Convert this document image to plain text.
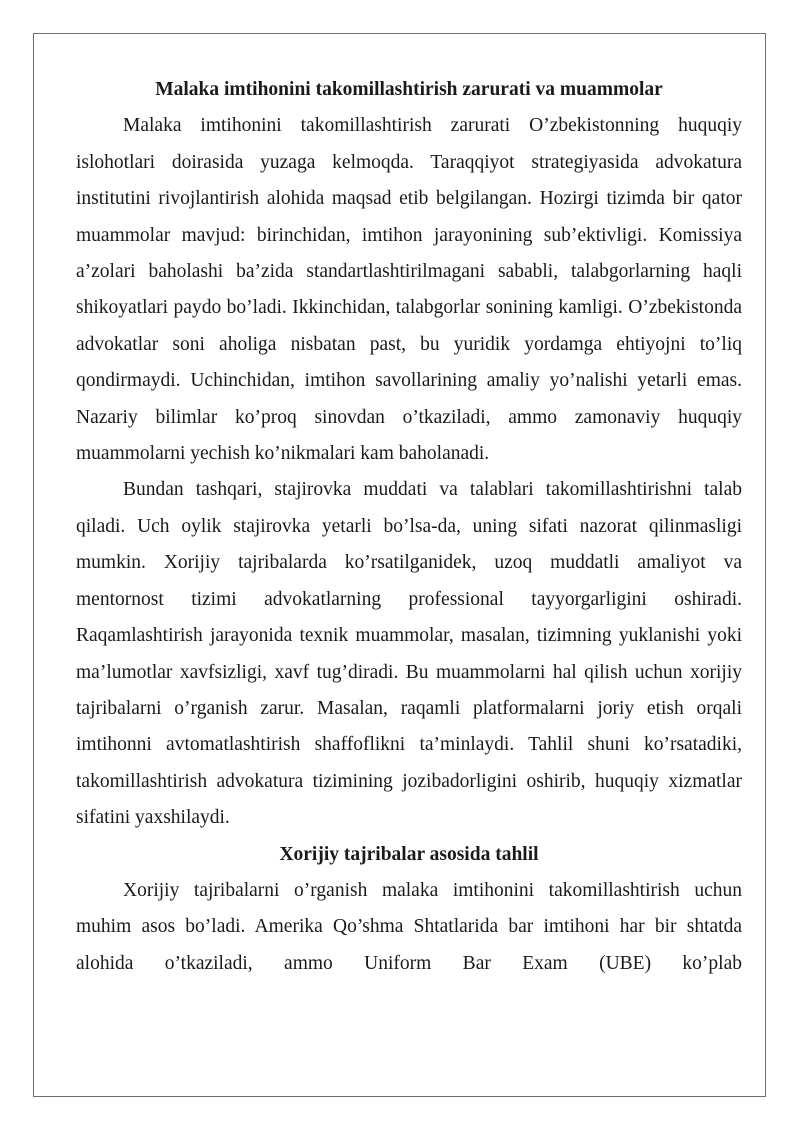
Malaka imtihonini takomillashtirish zarurati va muammolar

Malaka imtihonini takomillashtirish zarurati O’zbekistonning huquqiy islohotlari doirasida yuzaga kelmoqda. Taraqqiyot strategiyasida advokatura institutini rivojlantirish alohida maqsad etib belgilangan. Hozirgi tizimda bir qator muammolar mavjud: birinchidan, imtihon jarayonining sub’ektivligi. Komissiya a’zolari baholashi ba’zida standartlashtirilmagani sababli, talabgorlarning haqli shikoyatlari paydo bo’ladi. Ikkinchidan, talabgorlar sonining kamligi. O’zbekistonda advokatlar soni aholiga nisbatan past, bu yuridik yordamga ehtiyojni to’liq qondirmaydi. Uchinchidan, imtihon savollarining amaliy yo’nalishi yetarli emas. Nazariy bilimlar ko’proq sinovdan o’tkaziladi, ammo zamonaviy huquqiy muammolarni yechish ko’nikmalari kam baholanadi.

Bundan tashqari, stajirovka muddati va talablari takomillashtirishni talab qiladi. Uch oylik stajirovka yetarli bo’lsa-da, uning sifati nazorat qilinmasligi mumkin. Xorijiy tajribalarda ko’rsatilganidek, uzoq muddatli amaliyot va mentornost tizimi advokatlarning professional tayyorgarligini oshiradi. Raqamlashtirish jarayonida texnik muammolar, masalan, tizimning yuklanishi yoki ma’lumotlar xavfsizligi, xavf tug’diradi. Bu muammolarni hal qilish uchun xorijiy tajribalarni o’rganish zarur. Masalan, raqamli platformalarni joriy etish orqali imtihonni avtomatlashtirish shaffoflikni ta’minlaydi. Tahlil shuni ko’rsatadiki, takomillashtirish advokatura tizimining jozibadorligini oshirib, huquqiy xizmatlar sifatini yaxshilaydi.

Xorijiy tajribalar asosida tahlil

Xorijiy tajribalarni o’rganish malaka imtihonini takomillashtirish uchun muhim asos bo’ladi. Amerika Qo’shma Shtatlarida bar imtihoni har bir shtatda alohida o’tkaziladi, ammo Uniform Bar Exam (UBE) ko’plab
